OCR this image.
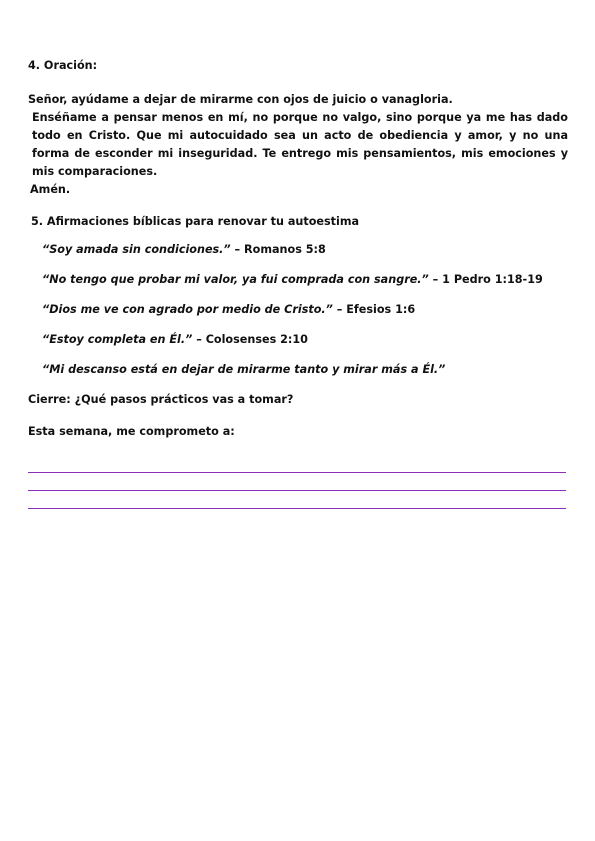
4. Oración:

Señor, ayúdame a dejar de mirarme con ojos de juicio o vanagloria.

Enséñame a pensar menos en mí, no porque no valgo, sino porque ya me has dado todo en Cristo. Que mi autocuidado sea un acto de obediencia y amor, y no una forma de esconder mi inseguridad. Te entrego mis pensamientos, mis emociones y mis comparaciones.

Amén.

5. Afirmaciones bíblicas para renovar tu autoestima

“Soy amada sin condiciones.” – Romanos 5:8
“No tengo que probar mi valor, ya fui comprada con sangre.” – 1 Pedro 1:18-19
“Dios me ve con agrado por medio de Cristo.” – Efesios 1:6
“Estoy completa en Él.” – Colosenses 2:10
“Mi descanso está en dejar de mirarme tanto y mirar más a Él.”

Cierre: ¿Qué pasos prácticos vas a tomar?

Esta semana, me comprometo a:
